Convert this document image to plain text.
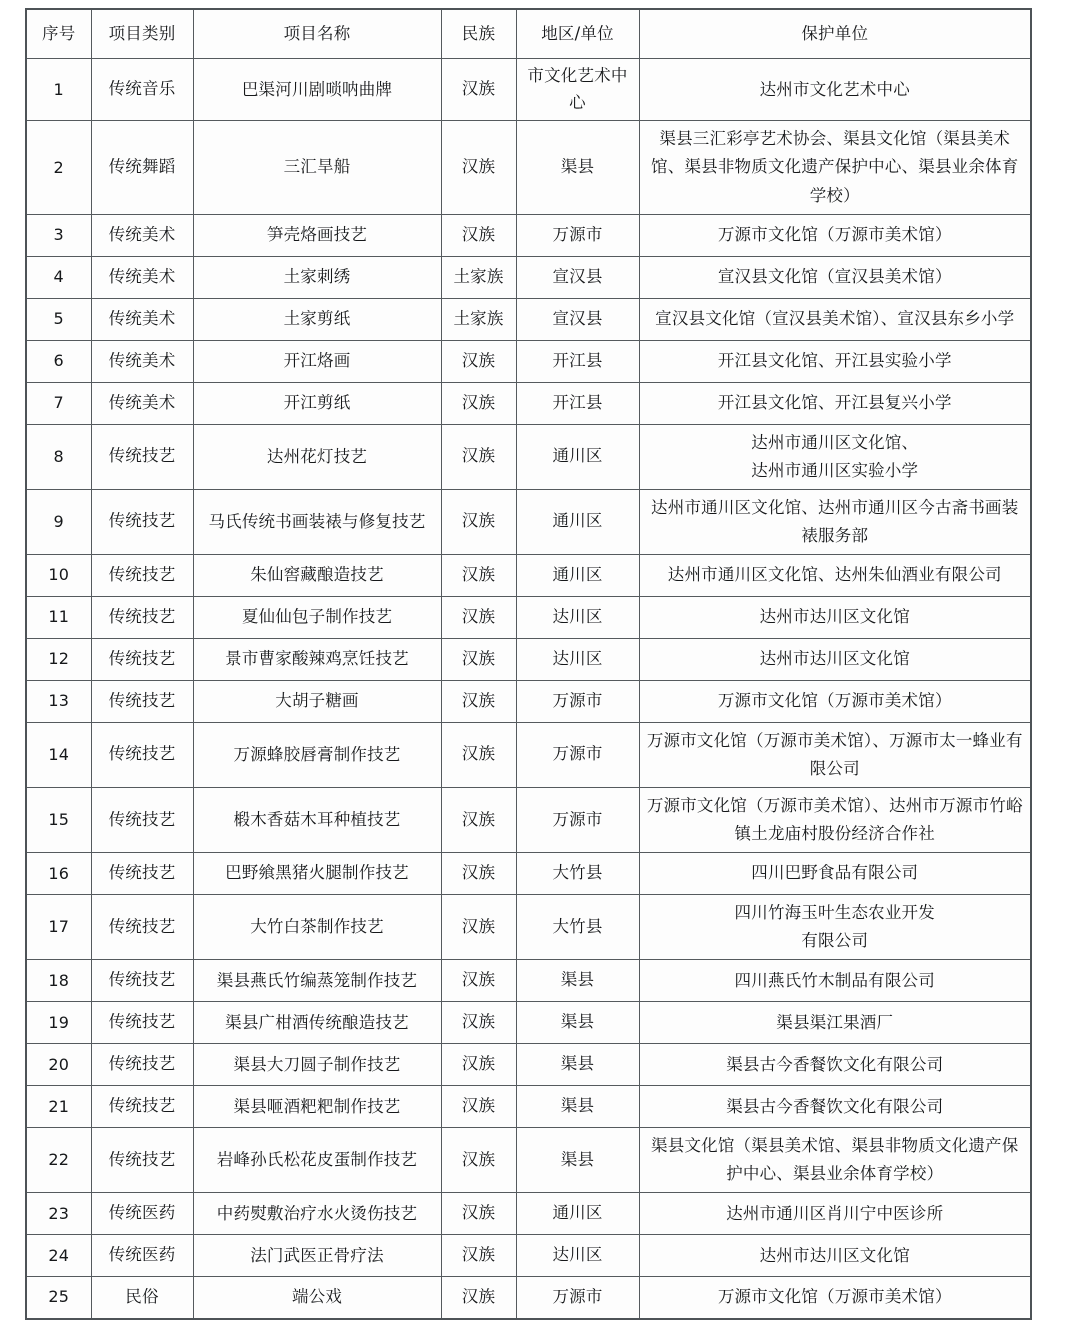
序号	项目类别	项目名称	民族	地区/单位	保护单位
1	传统音乐	巴渠河川剧唢呐曲牌	汉族	市文化艺术中心	达州市文化艺术中心
2	传统舞蹈	三汇旱船	汉族	渠县	渠县三汇彩亭艺术协会、渠县文化馆（渠县美术馆、渠县非物质文化遗产保护中心、渠县业余体育学校）
3	传统美术	笋壳烙画技艺	汉族	万源市	万源市文化馆（万源市美术馆）
4	传统美术	土家刺绣	土家族	宣汉县	宣汉县文化馆（宣汉县美术馆）
5	传统美术	土家剪纸	土家族	宣汉县	宣汉县文化馆（宣汉县美术馆）、宣汉县东乡小学
6	传统美术	开江烙画	汉族	开江县	开江县文化馆、开江县实验小学
7	传统美术	开江剪纸	汉族	开江县	开江县文化馆、开江县复兴小学
8	传统技艺	达州花灯技艺	汉族	通川区	达州市通川区文化馆、
达州市通川区实验小学
9	传统技艺	马氏传统书画装裱与修复技艺	汉族	通川区	达州市通川区文化馆、达州市通川区今古斋书画装裱服务部
10	传统技艺	朱仙窖藏酿造技艺	汉族	通川区	达州市通川区文化馆、达州朱仙酒业有限公司
11	传统技艺	夏仙仙包子制作技艺	汉族	达川区	达州市达川区文化馆
12	传统技艺	景市曹家酸辣鸡烹饪技艺	汉族	达川区	达州市达川区文化馆
13	传统技艺	大胡子糖画	汉族	万源市	万源市文化馆（万源市美术馆）
14	传统技艺	万源蜂胶唇膏制作技艺	汉族	万源市	万源市文化馆（万源市美术馆）、万源市太一蜂业有限公司
15	传统技艺	椴木香菇木耳种植技艺	汉族	万源市	万源市文化馆（万源市美术馆）、达州市万源市竹峪镇土龙庙村股份经济合作社
16	传统技艺	巴野飨黑猪火腿制作技艺	汉族	大竹县	四川巴野食品有限公司
17	传统技艺	大竹白茶制作技艺	汉族	大竹县	四川竹海玉叶生态农业开发
有限公司
18	传统技艺	渠县燕氏竹编蒸笼制作技艺	汉族	渠县	四川燕氏竹木制品有限公司
19	传统技艺	渠县广柑酒传统酿造技艺	汉族	渠县	渠县渠江果酒厂
20	传统技艺	渠县大刀圆子制作技艺	汉族	渠县	渠县古今香餐饮文化有限公司
21	传统技艺	渠县咂酒粑粑制作技艺	汉族	渠县	渠县古今香餐饮文化有限公司
22	传统技艺	岩峰孙氏松花皮蛋制作技艺	汉族	渠县	渠县文化馆（渠县美术馆、渠县非物质文化遗产保护中心、渠县业余体育学校）
23	传统医药	中药熨敷治疗水火烫伤技艺	汉族	通川区	达州市通川区肖川宁中医诊所
24	传统医药	法门武医正骨疗法	汉族	达川区	达州市达川区文化馆
25	民俗	端公戏	汉族	万源市	万源市文化馆（万源市美术馆）
